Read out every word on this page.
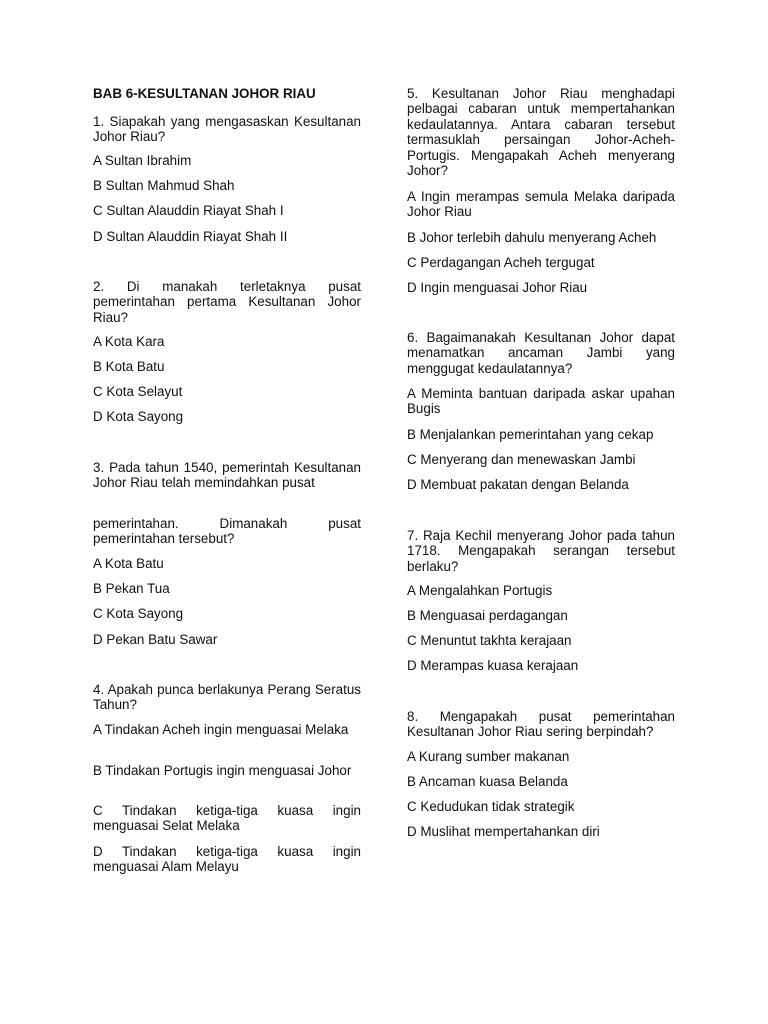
BAB 6-KESULTANAN JOHOR RIAU
1. Siapakah yang mengasaskan Kesultanan Johor Riau?
A Sultan Ibrahim
B Sultan Mahmud Shah
C Sultan Alauddin Riayat Shah I
D Sultan Alauddin Riayat Shah II
2. Di manakah terletaknya pusat pemerintahan pertama Kesultanan Johor Riau?
A Kota Kara
B Kota Batu
C Kota Selayut
D Kota Sayong
3. Pada tahun 1540, pemerintah Kesultanan Johor Riau telah memindahkan pusat
pemerintahan. Dimanakah pusat pemerintahan tersebut?
A Kota Batu
B Pekan Tua
C Kota Sayong
D Pekan Batu Sawar
4. Apakah punca berlakunya Perang Seratus Tahun?
A Tindakan Acheh ingin menguasai Melaka
B Tindakan Portugis ingin menguasai Johor
C Tindakan ketiga-tiga kuasa ingin menguasai Selat Melaka
D Tindakan ketiga-tiga kuasa ingin menguasai Alam Melayu
5. Kesultanan Johor Riau menghadapi pelbagai cabaran untuk mempertahankan kedaulatannya. Antara cabaran tersebut termasuklah persaingan Johor-Acheh-Portugis. Mengapakah Acheh menyerang Johor?
A Ingin merampas semula Melaka daripada Johor Riau
B Johor terlebih dahulu menyerang Acheh
C Perdagangan Acheh tergugat
D Ingin menguasai Johor Riau
6. Bagaimanakah Kesultanan Johor dapat menamatkan ancaman Jambi yang menggugat kedaulatannya?
A Meminta bantuan daripada askar upahan Bugis
B Menjalankan pemerintahan yang cekap
C Menyerang dan menewaskan Jambi
D Membuat pakatan dengan Belanda
7. Raja Kechil menyerang Johor pada tahun 1718. Mengapakah serangan tersebut berlaku?
A Mengalahkan Portugis
B Menguasai perdagangan
C Menuntut takhta kerajaan
D Merampas kuasa kerajaan
8. Mengapakah pusat pemerintahan Kesultanan Johor Riau sering berpindah?
A Kurang sumber makanan
B Ancaman kuasa Belanda
C Kedudukan tidak strategik
D Muslihat mempertahankan diri
